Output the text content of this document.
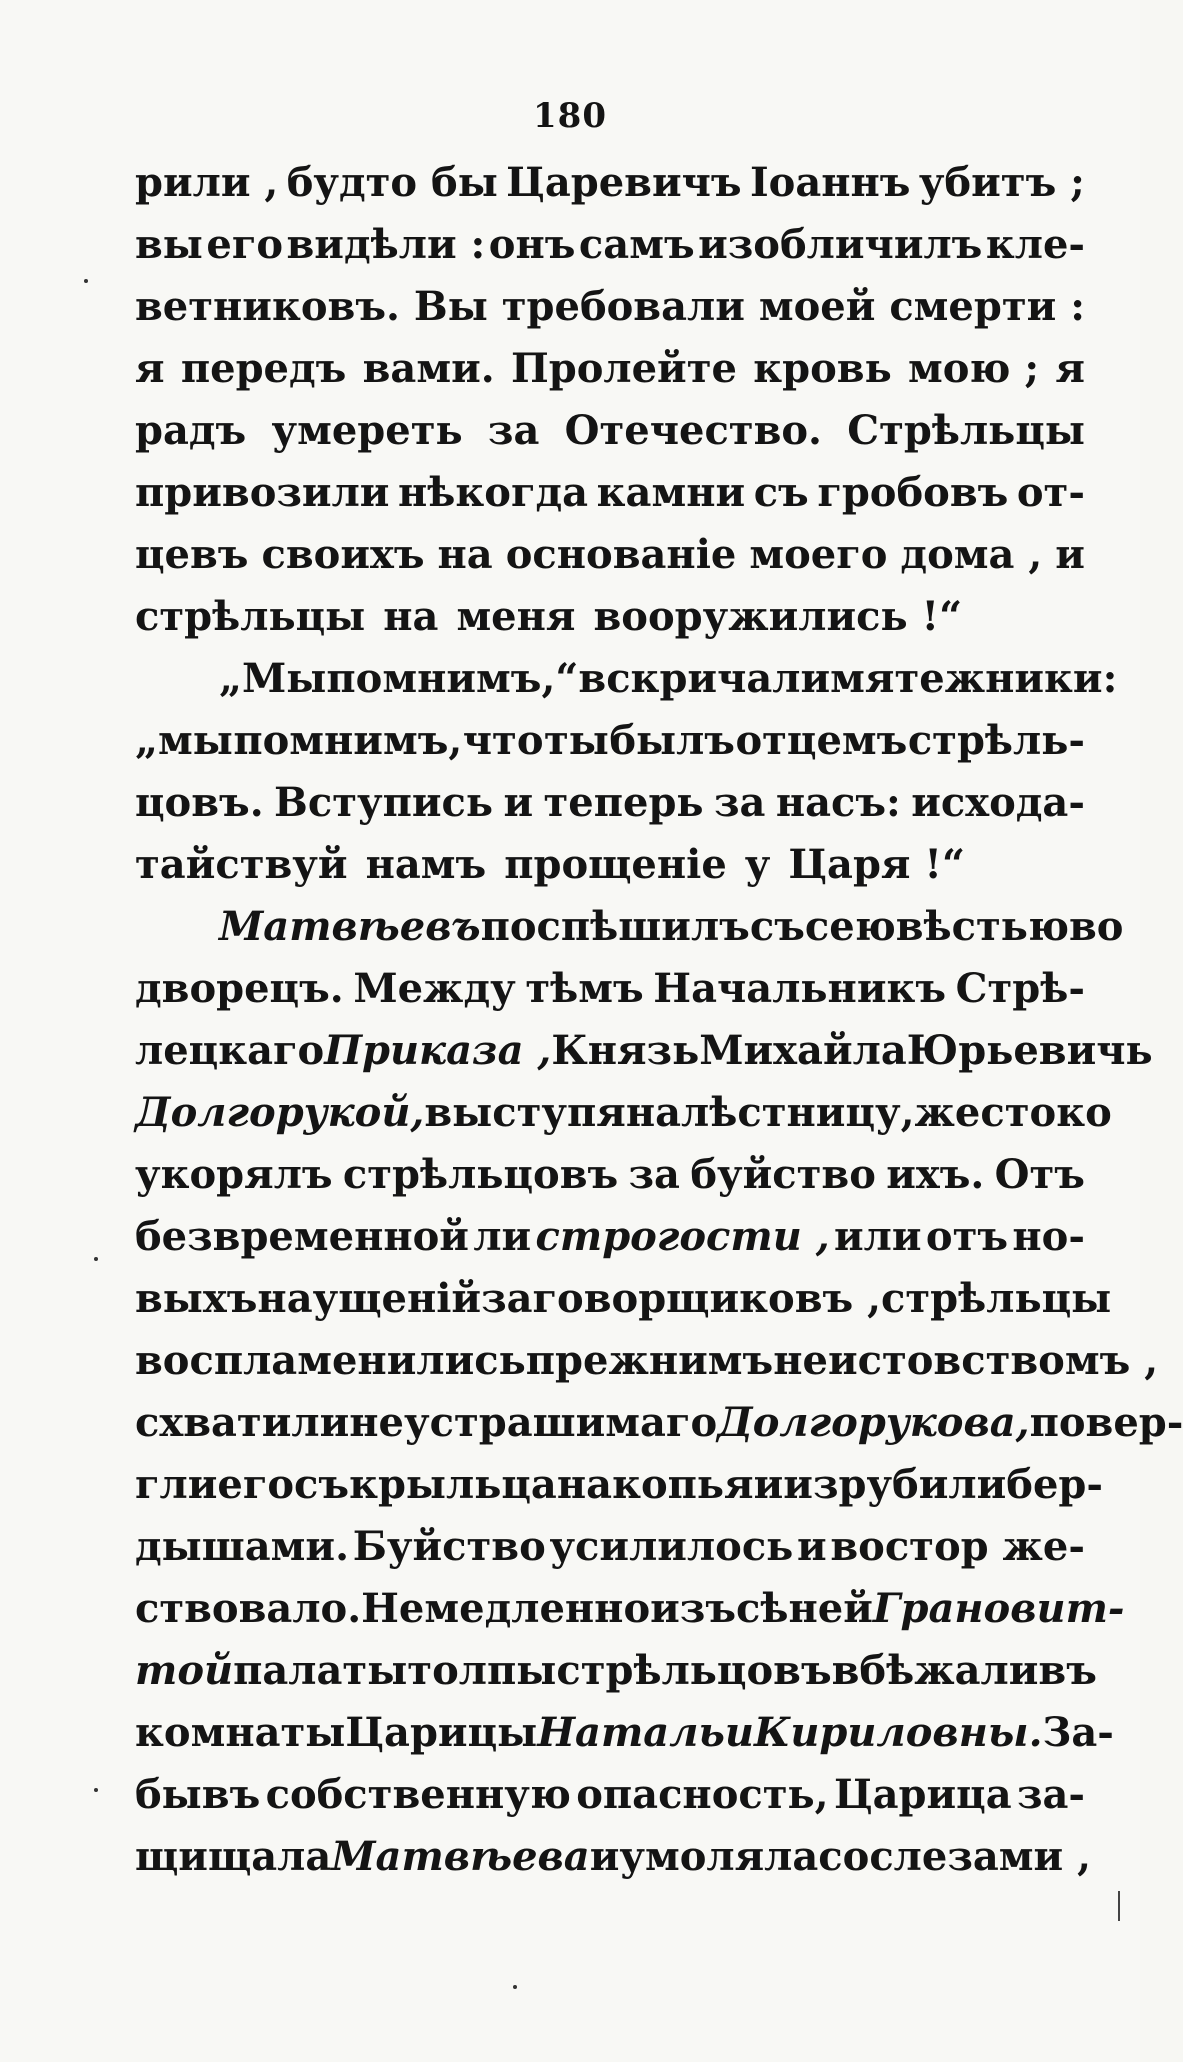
180
рили , будто бы Царевичъ Іоаннъ убитъ ;
вы его видѣли : онъ самъ изобличилъ кле-
ветниковъ. Вы требовали моей смерти :
я передъ вами. Пролейте кровь мою ; я
радъ умереть за Отечество. Стрѣльцы
привозили нѣкогда камни съ гробовъ от-
цевъ своихъ на основаніе моего дома , и
стрѣльцы на меня вооружились !“
„Мы помнимъ,“ вскричали мятежники:
„мы помнимъ, что ты былъ отцемъ стрѣль-
цовъ. Вступись и теперь за насъ: исхода-
тайствуй намъ прощеніе у Царя !“
Матвѣевъ поспѣшилъ съ сею вѣстью во
дворецъ. Между тѣмъ Начальникъ Стрѣ-
лецкаго Приказа , Князь Михайла Юрьевичь
Долгорукой, выступя на лѣстницу, жестоко
укорялъ стрѣльцовъ за буйство ихъ. Отъ
безвременной ли строгости , или отъ но-
выхъ наущеній заговорщиковъ , стрѣльцы
воспламенились прежнимъ неистовствомъ ,
схватили неустрашимаго Долгорукова, повер-
гли его съ крыльца на копья и изрубили бер-
дышами. Буйство усилилось и востор же-
ствовало. Немедленно изъ сѣней Грановит-
той палаты толпы стрѣльцовъ вбѣжали въ
комнаты Царицы Натальи Кириловны. За-
бывъ собственную опасность, Царица за-
щищала Матвѣева и умоляла со слезами ,
